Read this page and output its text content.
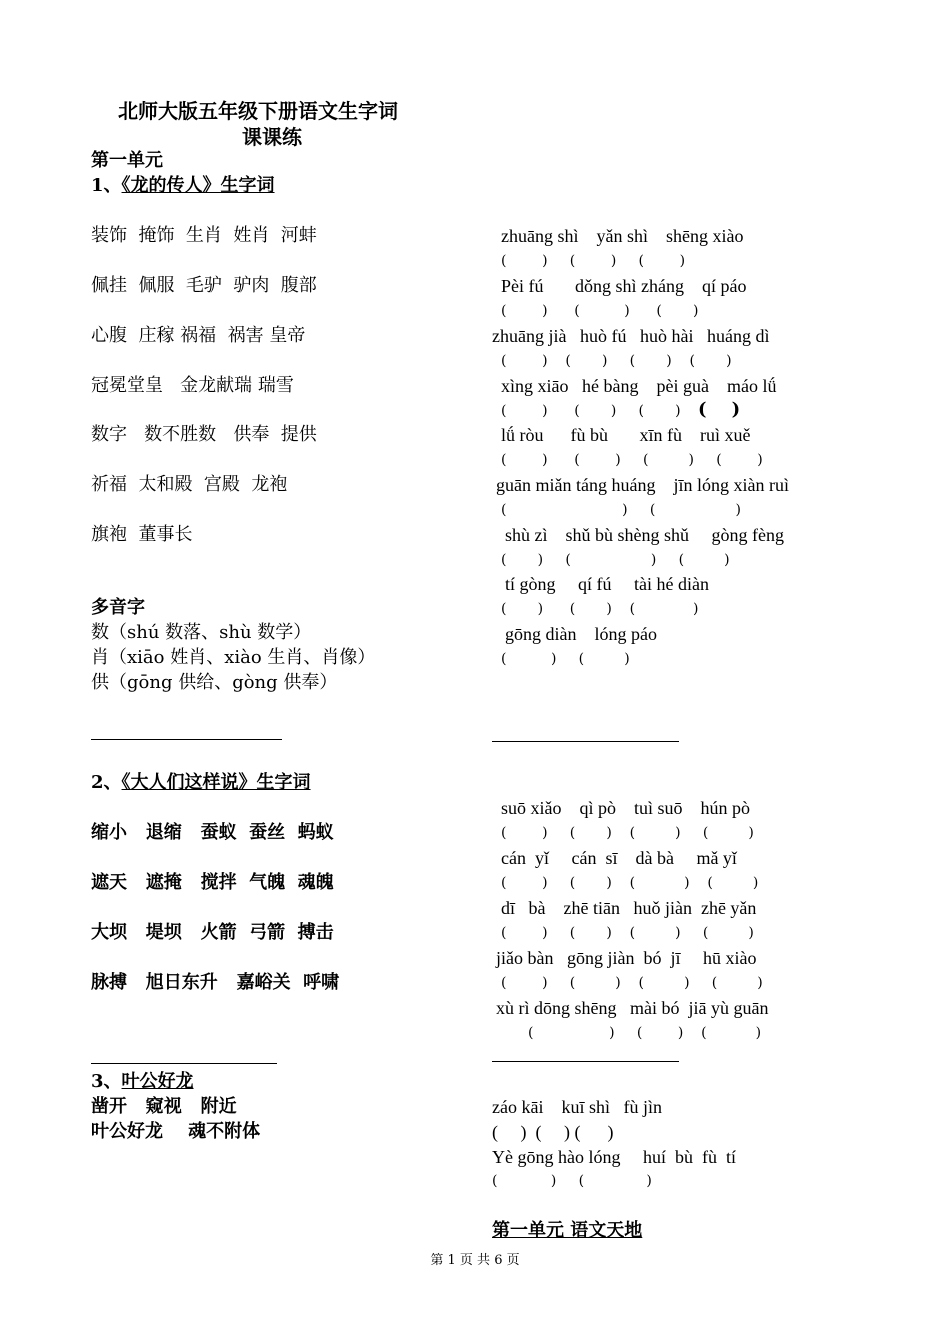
北师大版五年级下册语文生字词
课课练
第一单元
1、《龙的传人》生字词
装饰  掩饰  生肖  姓肖  河蚌
佩挂  佩服  毛驴  驴肉  腹部
心腹  庄稼 祸福  祸害 皇帝
冠冕堂皇   金龙献瑞 瑞雪
数字   数不胜数   供奉  提供
祈福  太和殿  宫殿  龙袍
旗袍  董事长
zhuāng shì    yǎn shì    shēng xiào
(        )     (        )     (        )
Pèi fú       dǒng shì zháng    qí páo
(        )      (          )      (       )
zhuāng jià   huò fú   huò hài   huáng dì
(        )    (       )     (       )    (       )
xìng xiāo   hé bàng    pèi guà    máo lǘ
(        )      (       )     (       ) (    )
lǘ ròu      fù bù       xīn fù    ruì xuě
(        )      (        )     (         )     (        )
guān miǎn táng huáng    jīn lóng xiàn ruì
(                          )     (                  )
shù zì    shǔ bù shèng shǔ     gòng fèng
(       )     (                  )     (         )
tí gòng     qí fú     tài hé diàn
(       )      (       )    (             )
gōng diàn    lóng páo
(          )     (         )
多音字
数（shú 数落、shù 数学）
肖（xiāo 姓肖、xiào 生肖、肖像）
供（gōng 供给、gòng 供奉）
2、《大人们这样说》生字词
缩小   退缩   蚕蚁  蚕丝  蚂蚁
遮天   遮掩   搅拌  气魄  魂魄
大坝   堤坝   火箭  弓箭  搏击
脉搏   旭日东升   嘉峪关  呼啸
suō xiǎo    qì pò    tuì suō    hún pò
(        )     (       )    (         )     (         )
cán  yǐ     cán  sī    dà bà     mǎ yǐ
(        )     (       )    (           )    (         )
dī   bà    zhē tiān   huǒ jiàn  zhē yǎn
(        )     (       )    (         )     (         )
jiǎo bàn   gōng jiàn  bó  jī     hū xiào
(        )     (         )    (         )     (         )
xù rì dōng shēng   mài bó  jiā yù guān
(                 )     (        )    (           )
3、叶公好龙
凿开   窥视   附近
叶公好龙    魂不附体
záo kāi    kuī shì   fù jìn
(     )  (     ) (      )
Yè gōng hào lóng     huí  bù  fù  tí
(            )     (              )
第一单元 语文天地
第 1 页 共 6 页
